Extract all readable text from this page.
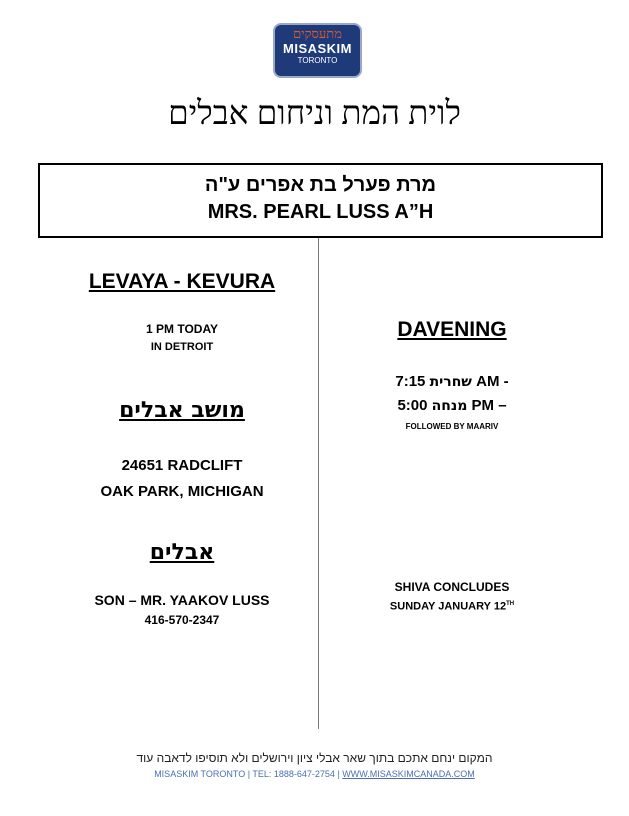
מתעסקים
MISASKIM
TORONTO
לוית המת וניחום אבלים
מרת פערל בת אפרים ע"ה
MRS. PEARL LUSS A”H
LEVAYA - KEVURA
1 PM TODAY
IN DETROIT
מושב אבלים
24651 RADCLIFT
OAK PARK, MICHIGAN
אבלים
SON – MR. YAAKOV LUSS
416-570-2347
DAVENING
שחרית 7:15 AM -
מנחה 5:00 PM –
FOLLOWED BY MAARIV
SHIVA CONCLUDES
SUNDAY JANUARY 12TH
המקום ינחם אתכם בתוך שאר אבלי ציון וירושלים ולא תוסיפו לדאבה עוד
MISASKIM TORONTO | TEL: 1888-647-2754 | WWW.MISASKIMCANADA.COM
